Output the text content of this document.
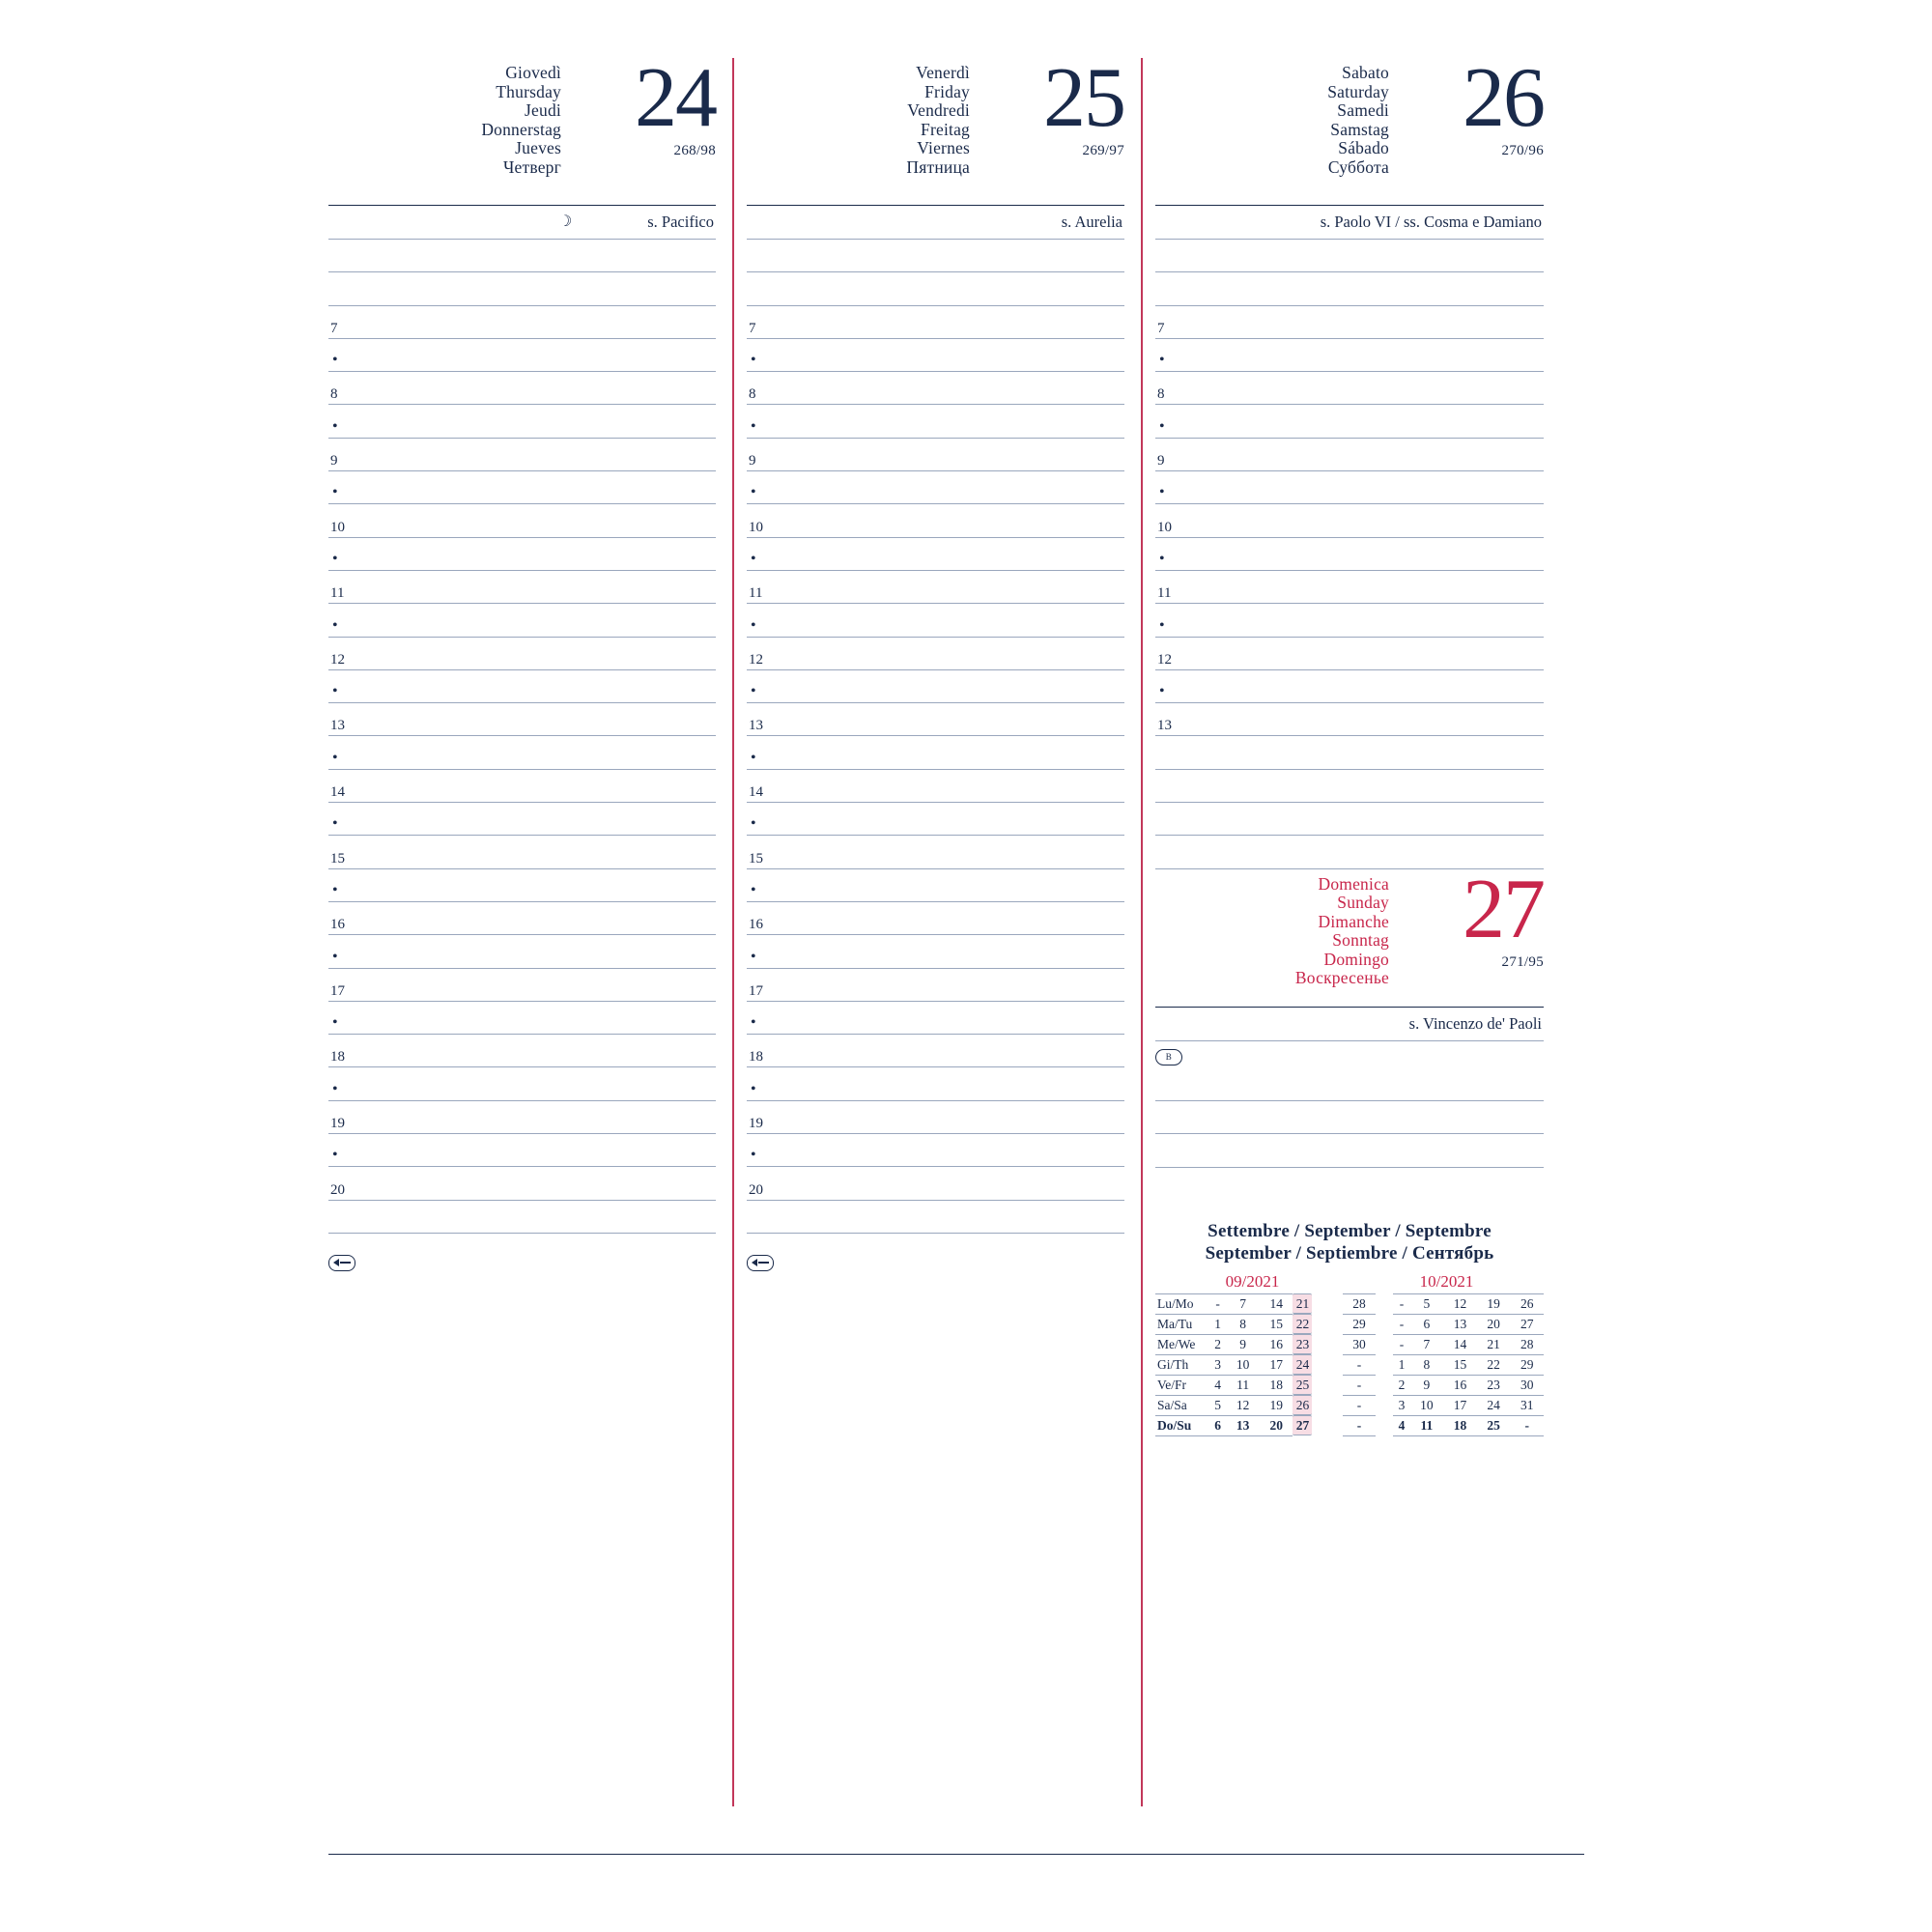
Giovedì
Thursday
Jeudi
Donnerstag
Jueves
Четверг
24
268/98
☽	s. Pacifico
7
•
8
•
9
•
10
•
11
•
12
•
13
•
14
•
15
•
16
•
17
•
18
•
19
•
20
Venerdì
Friday
Vendredi
Freitag
Viernes
Пятница
25
269/97
s. Aurelia
7
•
8
•
9
•
10
•
11
•
12
•
13
•
14
•
15
•
16
•
17
•
18
•
19
•
20
Sabato
Saturday
Samedi
Samstag
Sábado
Суббота
26
270/96
s. Paolo VI / ss. Cosma e Damiano
7
•
8
•
9
•
10
•
11
•
12
•
13
Domenica
Sunday
Dimanche
Sonntag
Domingo
Воскресенье
27
271/95
s. Vincenzo de' Paoli
B
Settembre / September / Septembre
September / Septiembre / Сентябрь
09/2021	10/2021
Lu/Mo	-	7	14	21	28		-	5	12	19	26
Ma/Tu	1	8	15	22	29		-	6	13	20	27
Me/We	2	9	16	23	30		-	7	14	21	28
Gi/Th	3	10	17	24	-		1	8	15	22	29
Ve/Fr	4	11	18	25	-		2	9	16	23	30
Sa/Sa	5	12	19	26	-		3	10	17	24	31
Do/Su	6	13	20	27	-		4	11	18	25	-
